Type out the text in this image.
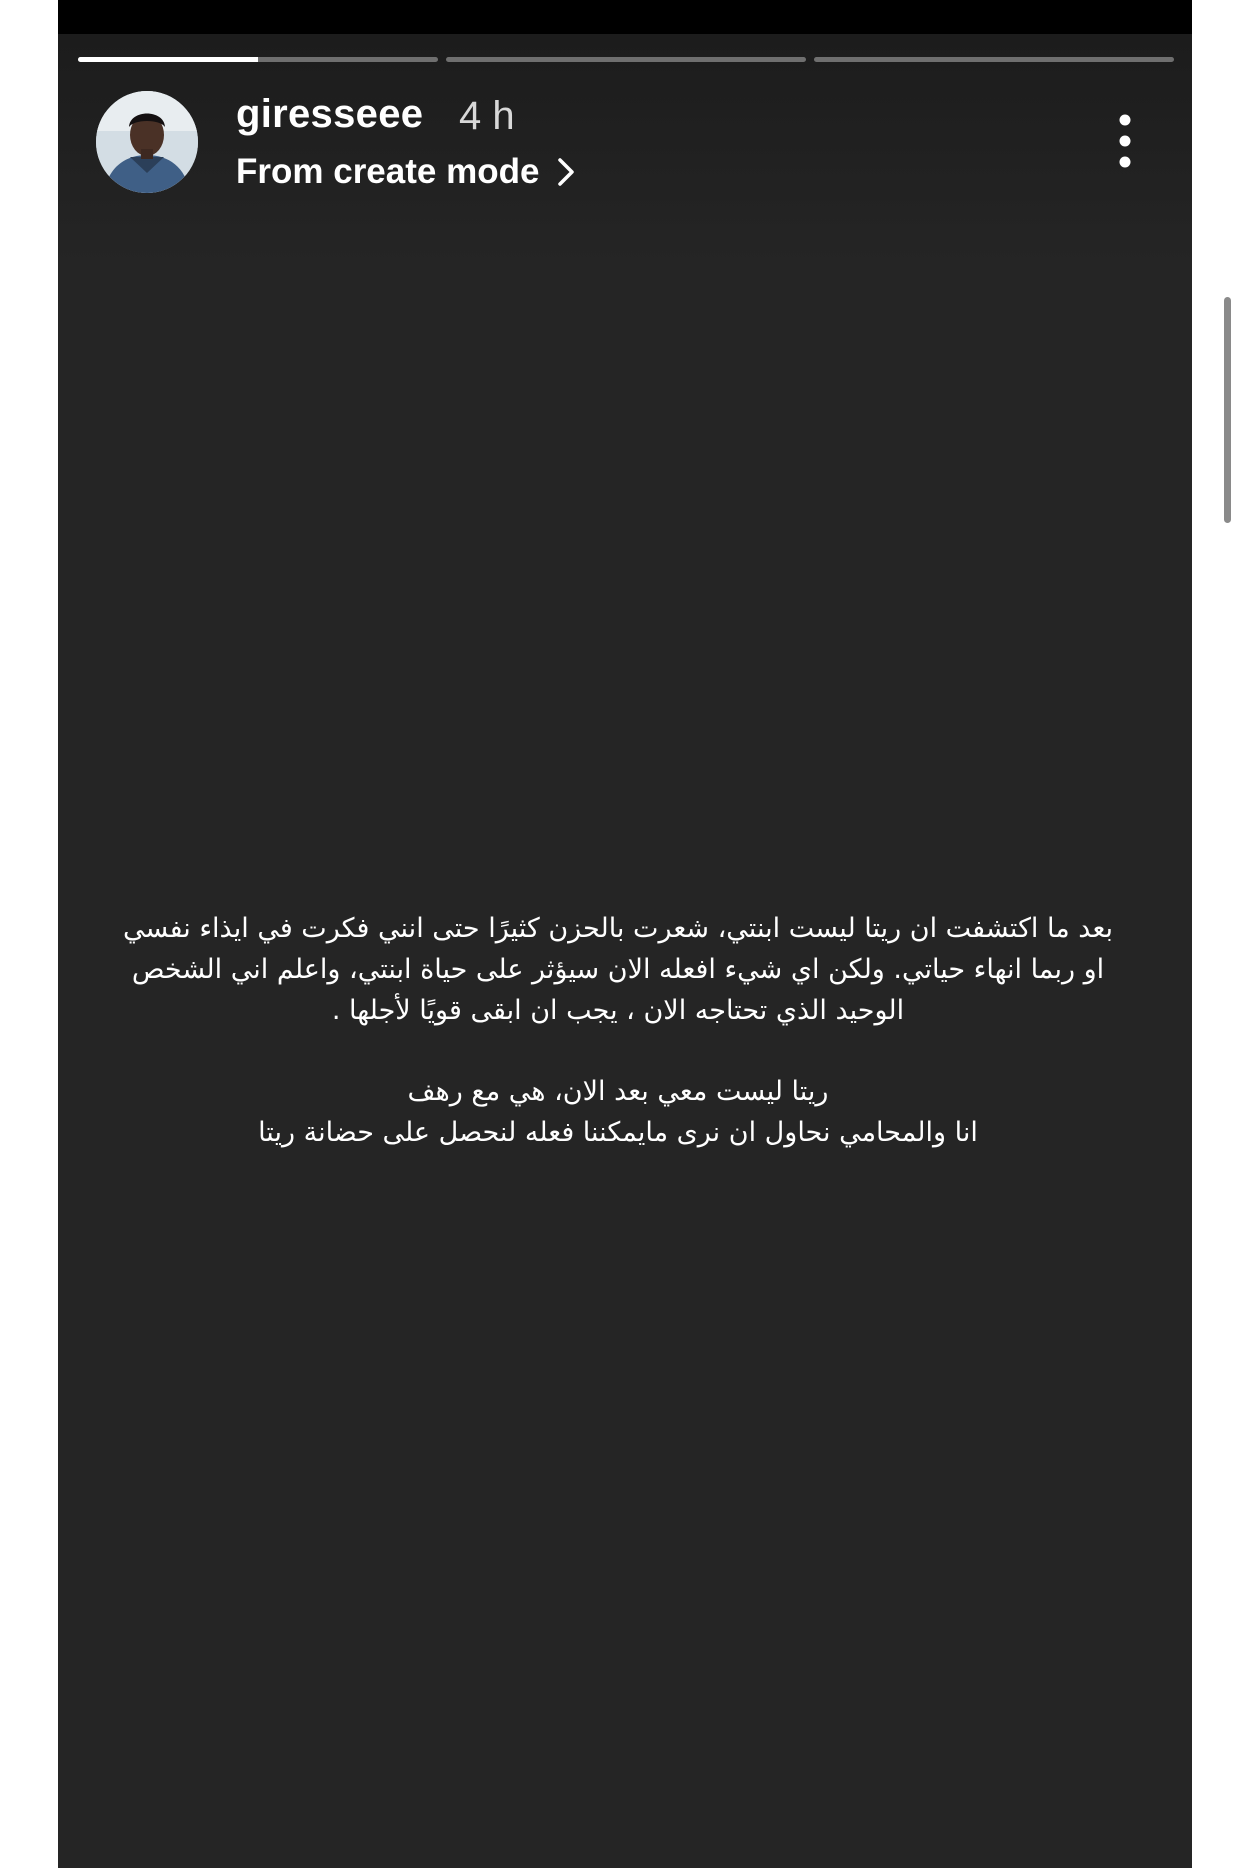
giresseee 4 h
From create mode

بعد ما اكتشفت ان ريتا ليست ابنتي، شعرت بالحزن كثيرًا حتى انني فكرت في ايذاء نفسي او ربما انهاء حياتي. ولكن اي شيء افعله الان سيؤثر على حياة ابنتي، واعلم اني الشخص الوحيد الذي تحتاجه الان ، يجب ان ابقى قويًا لأجلها .

ريتا ليست معي بعد الان، هي مع رهف
انا والمحامي نحاول ان نرى مايمكننا فعله لنحصل على حضانة ريتا
